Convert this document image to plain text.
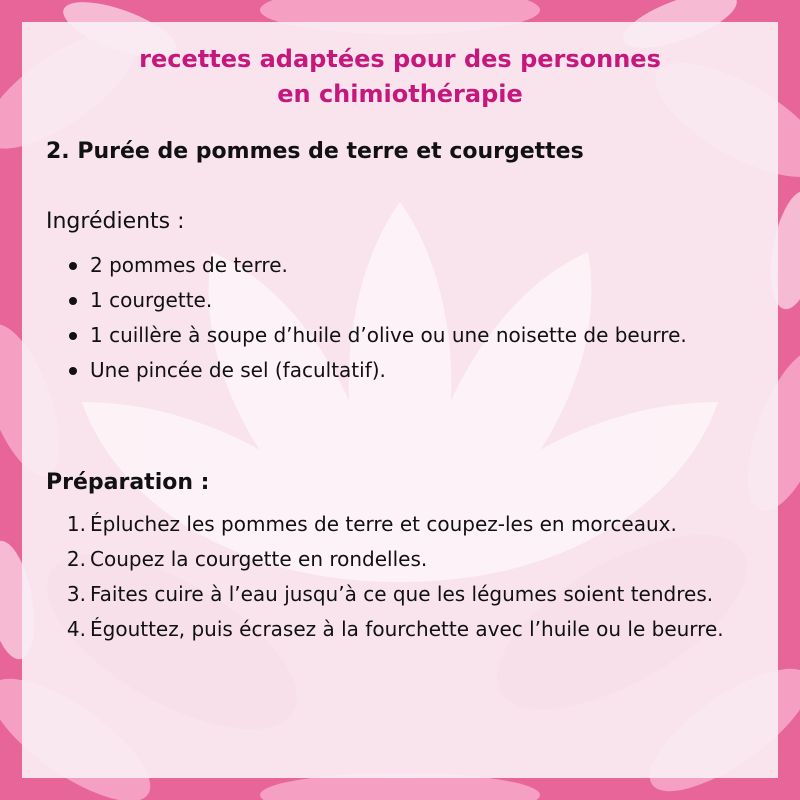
recettes adaptées pour des personnes
en chimiothérapie
2. Purée de pommes de terre et courgettes
Ingrédients :
2 pommes de terre.
1 courgette.
1 cuillère à soupe d’huile d’olive ou une noisette de beurre.
Une pincée de sel (facultatif).
Préparation :
1. Épluchez les pommes de terre et coupez-les en morceaux.
2. Coupez la courgette en rondelles.
3. Faites cuire à l’eau jusqu’à ce que les légumes soient tendres.
4. Égouttez, puis écrasez à la fourchette avec l’huile ou le beurre.
